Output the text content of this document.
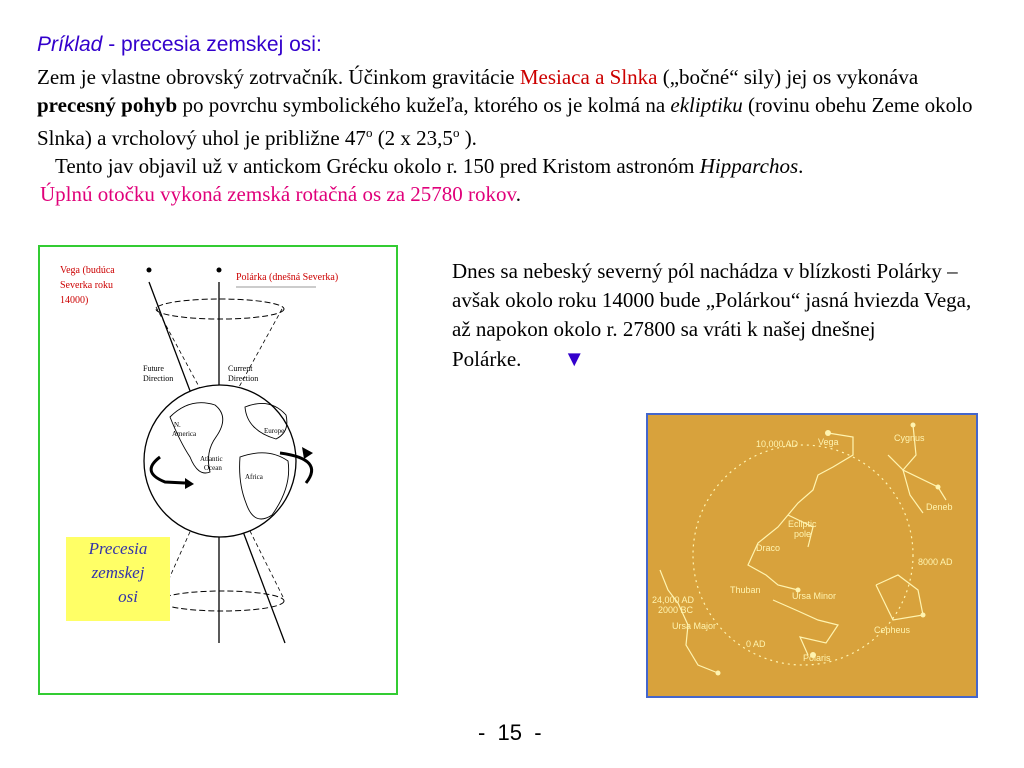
Príklad - precesia zemskej osi:
Zem je vlastne obrovský zotrvačník. Účinkom gravitácie Mesiaca a Slnka („bočné“ sily) jej os vykonáva precesný pohyb po povrchu symbolického kužeľa, ktorého os je kolmá na ekliptiku (rovinu obehu Zeme okolo Slnka) a vrcholový uhol je približne 47$^o$ (2 x 23,5$^o$ ).
Tento jav objavil už v antickom Grécku okolo r. 150 pred Kristom astronóm Hipparchos.
Úplnú otočku vykoná zemská rotačná os za 25780 rokov.
Vega (budúca
Severka roku
14000)
Polárka (dnešná Severka)
Future
Direction
Current
Direction
N.
America	Europe
Atlantic
Ocean
Africa
Precesia
zemskej
osi
Dnes sa nebeský severný pól nachádza v blízkosti Polárky – avšak okolo roku 14000 bude „Polárkou“ jasná hviezda Vega, až napokon okolo r. 27800 sa vráti k našej dnešnej Polárke. ▼
10,000 AD Vega	Cygnus
Deneb
Ecliptic
pole
Draco
8000 AD
Thuban
Ursa Minor
24,000 AD
2000 BC
Cepheus
Ursa Major
0 AD
Polaris
-  15  -
